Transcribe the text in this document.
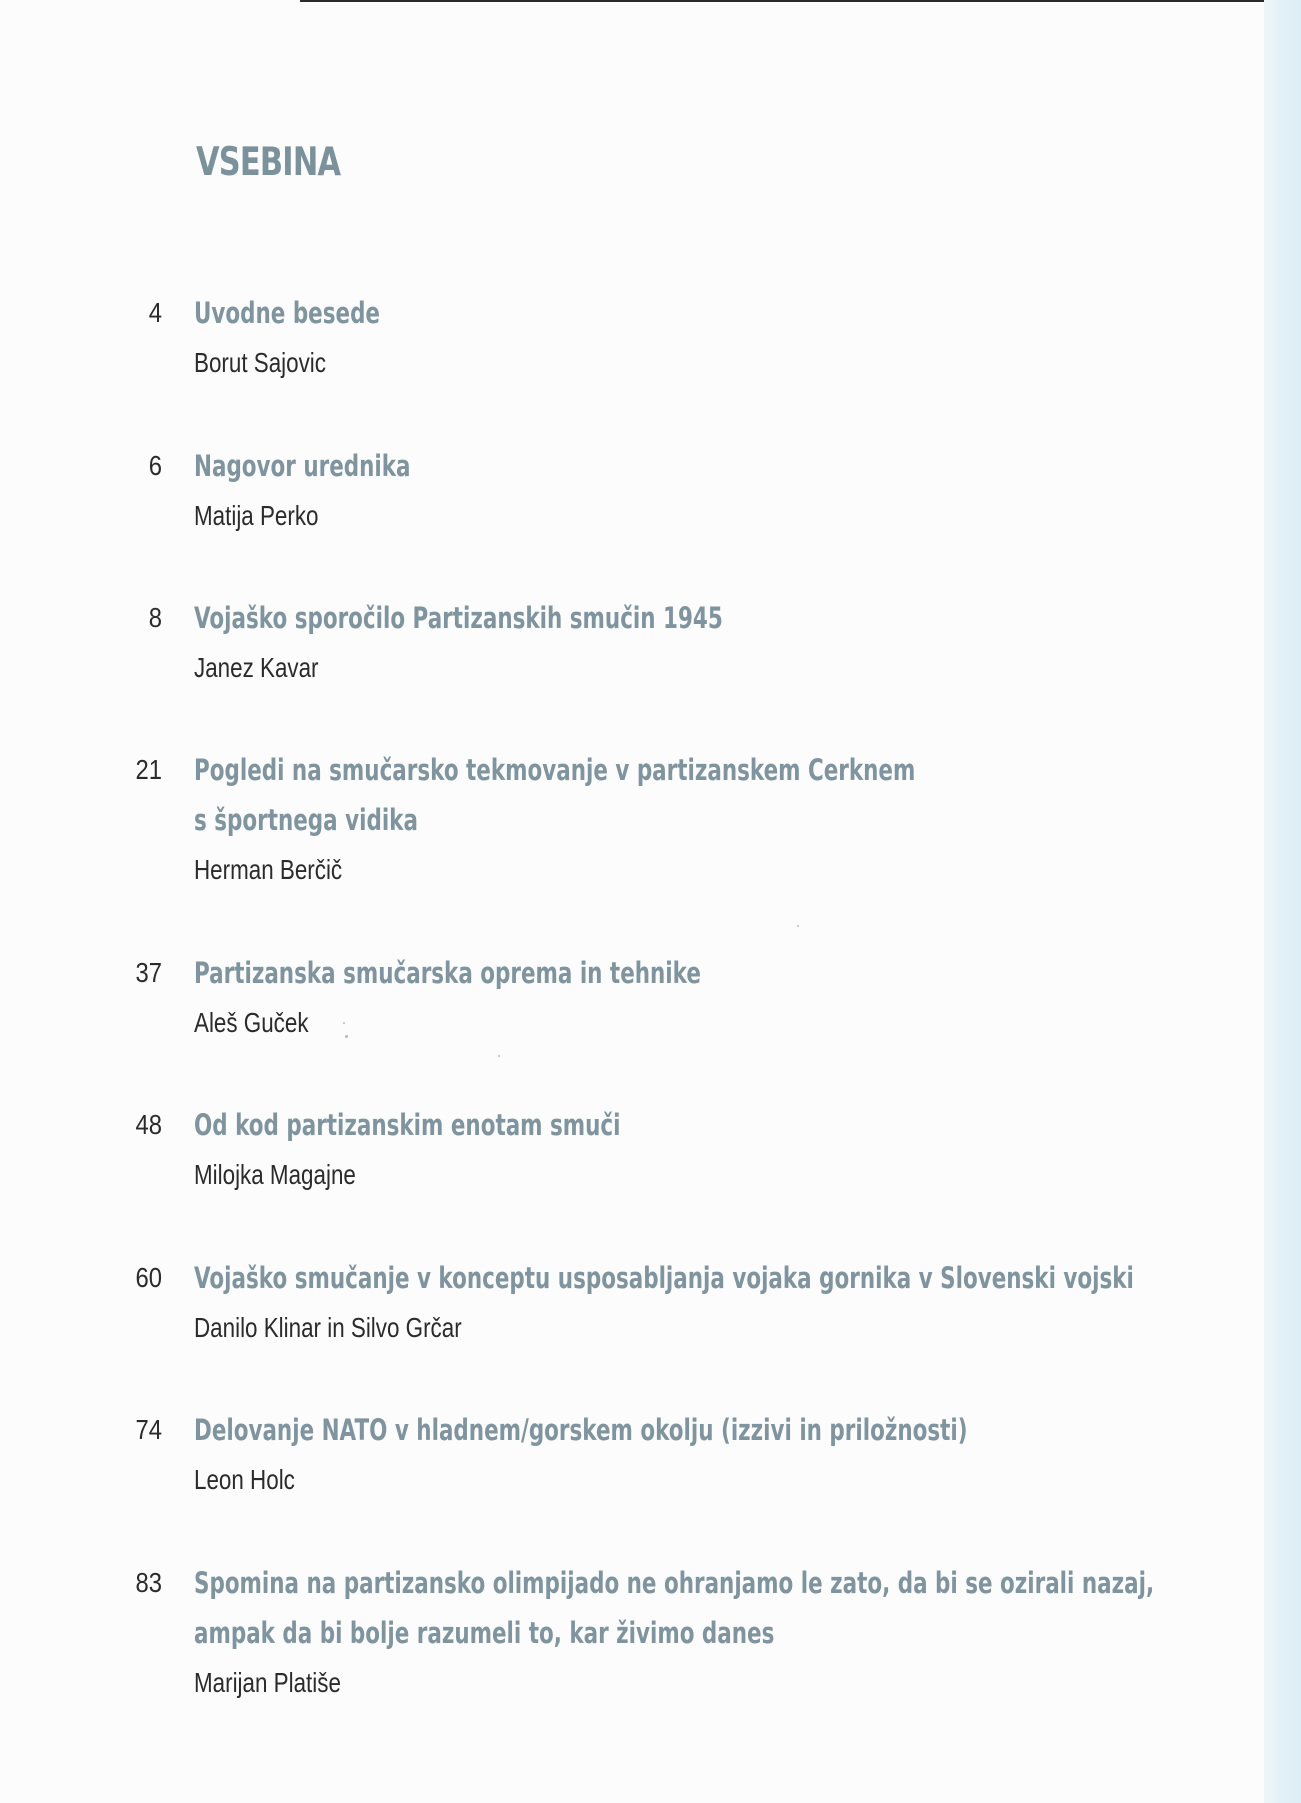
VSEBINA
4 Uvodne besede
Borut Sajovic
6 Nagovor urednika
Matija Perko
8 Vojaško sporočilo Partizanskih smučin 1945
Janez Kavar
21 Pogledi na smučarsko tekmovanje v partizanskem Cerknem
s športnega vidika
Herman Berčič
37 Partizanska smučarska oprema in tehnike
Aleš Guček
48 Od kod partizanskim enotam smuči
Milojka Magajne
60 Vojaško smučanje v konceptu usposabljanja vojaka gornika v Slovenski vojski
Danilo Klinar in Silvo Grčar
74 Delovanje NATO v hladnem/gorskem okolju (izzivi in priložnosti)
Leon Holc
83 Spomina na partizansko olimpijado ne ohranjamo le zato, da bi se ozirali nazaj,
ampak da bi bolje razumeli to, kar živimo danes
Marijan Platiše
